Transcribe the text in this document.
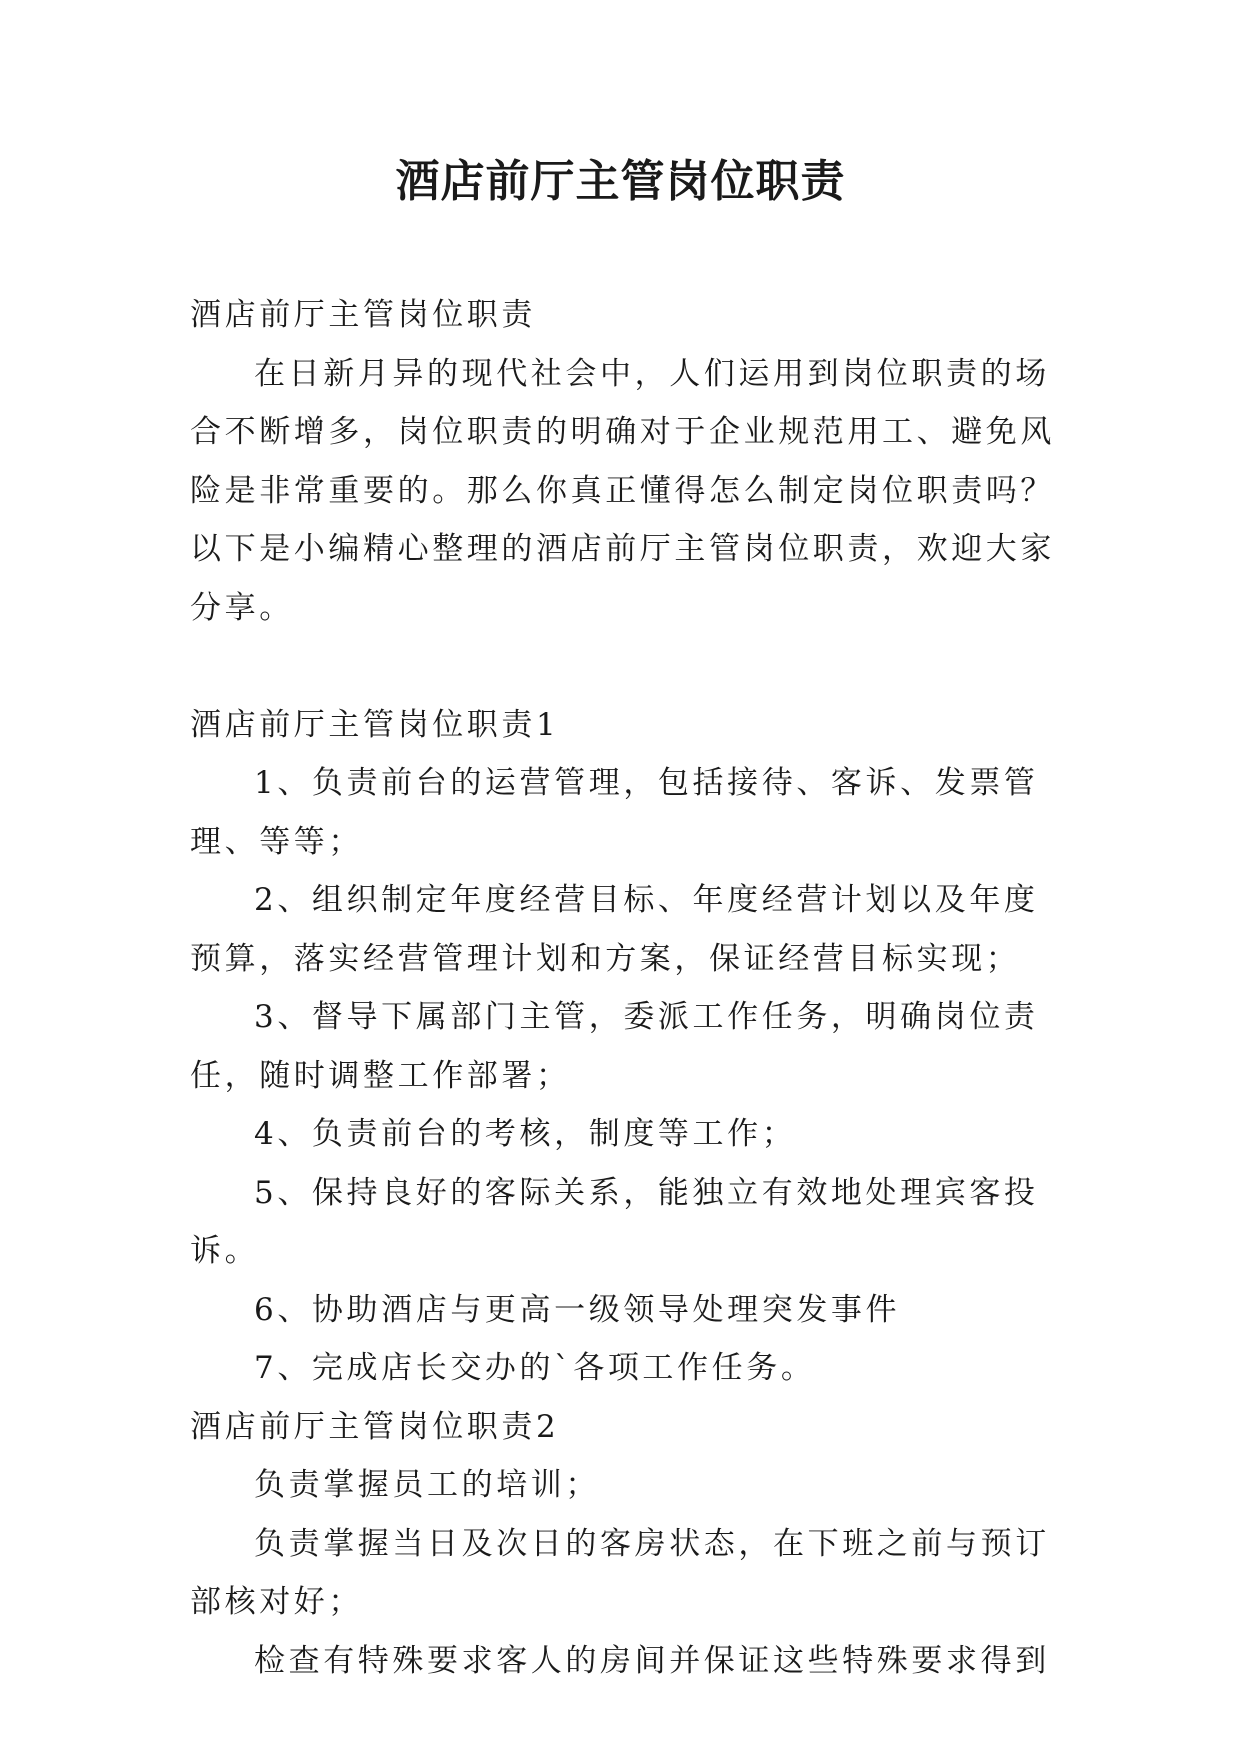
酒店前厅主管岗位职责

酒店前厅主管岗位职责

在日新月异的现代社会中，人们运用到岗位职责的场合不断增多，岗位职责的明确对于企业规范用工、避免风险是非常重要的。那么你真正懂得怎么制定岗位职责吗？以下是小编精心整理的酒店前厅主管岗位职责，欢迎大家分享。

酒店前厅主管岗位职责1

1、负责前台的运营管理，包括接待、客诉、发票管理、等等；

2、组织制定年度经营目标、年度经营计划以及年度预算，落实经营管理计划和方案，保证经营目标实现；

3、督导下属部门主管，委派工作任务，明确岗位责任，随时调整工作部署；

4、负责前台的考核，制度等工作；

5、保持良好的客际关系，能独立有效地处理宾客投诉。

6、协助酒店与更高一级领导处理突发事件

7、完成店长交办的`各项工作任务。

酒店前厅主管岗位职责2

负责掌握员工的培训；

负责掌握当日及次日的客房状态，在下班之前与预订部核对好；

检查有特殊要求客人的房间并保证这些特殊要求得到
